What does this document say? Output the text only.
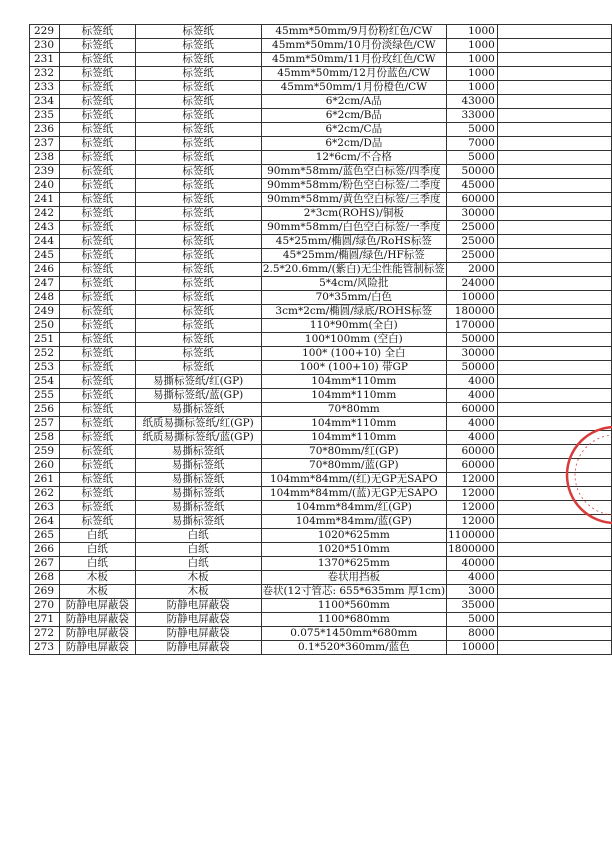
229	标签纸	标签纸	45mm*50mm/9月份粉红色/CW	1000	
230	标签纸	标签纸	45mm*50mm/10月份淡绿色/CW	1000	
231	标签纸	标签纸	45mm*50mm/11月份玫红色/CW	1000	
232	标签纸	标签纸	45mm*50mm/12月份蓝色/CW	1000	
233	标签纸	标签纸	45mm*50mm/1月份橙色/CW	1000	
234	标签纸	标签纸	6*2cm/A品	43000	
235	标签纸	标签纸	6*2cm/B品	33000	
236	标签纸	标签纸	6*2cm/C品	5000	
237	标签纸	标签纸	6*2cm/D品	7000	
238	标签纸	标签纸	12*6cm/不合格	5000	
239	标签纸	标签纸	90mm*58mm/蓝色空白标签/四季度	50000	
240	标签纸	标签纸	90mm*58mm/粉色空白标签/二季度	45000	
241	标签纸	标签纸	90mm*58mm/黄色空白标签/三季度	60000	
242	标签纸	标签纸	2*3cm(ROHS)/铜板	30000	
243	标签纸	标签纸	90mm*58mm/白色空白标签/一季度	25000	
244	标签纸	标签纸	45*25mm/椭圆/绿色/RoHS标签	25000	
245	标签纸	标签纸	45*25mm/椭圆/绿色/HF标签	25000	
246	标签纸	标签纸	2.5*20.6mm/(紫白)无尘性能管制标签	2000	
247	标签纸	标签纸	5*4cm/风险批	24000	
248	标签纸	标签纸	70*35mm/白色	10000	
249	标签纸	标签纸	3cm*2cm/椭圆/绿底/ROHS标签	180000	
250	标签纸	标签纸	110*90mm(全白)	170000	
251	标签纸	标签纸	100*100mm (空白)	50000	
252	标签纸	标签纸	100* (100+10) 全白	30000	
253	标签纸	标签纸	100* (100+10) 带GP	50000	
254	标签纸	易撕标签纸/红(GP)	104mm*110mm	4000	
255	标签纸	易撕标签纸/蓝(GP)	104mm*110mm	4000	
256	标签纸	易撕标签纸	70*80mm	60000	
257	标签纸	纸质易撕标签纸/红(GP)	104mm*110mm	4000	
258	标签纸	纸质易撕标签纸/蓝(GP)	104mm*110mm	4000	
259	标签纸	易撕标签纸	70*80mm/红(GP)	60000	
260	标签纸	易撕标签纸	70*80mm/蓝(GP)	60000	
261	标签纸	易撕标签纸	104mm*84mm/(红)无GP无SAPO	12000	
262	标签纸	易撕标签纸	104mm*84mm/(蓝)无GP无SAPO	12000	
263	标签纸	易撕标签纸	104mm*84mm/红(GP)	12000	
264	标签纸	易撕标签纸	104mm*84mm/蓝(GP)	12000	
265	白纸	白纸	1020*625mm	1100000	
266	白纸	白纸	1020*510mm	1800000	
267	白纸	白纸	1370*625mm	40000	
268	木板	木板	卷状用挡板	4000	
269	木板	木板	卷状(12寸管芯: 655*635mm 厚1cm)	3000	
270	防静电屏蔽袋	防静电屏蔽袋	1100*560mm	35000	
271	防静电屏蔽袋	防静电屏蔽袋	1100*680mm	5000	
272	防静电屏蔽袋	防静电屏蔽袋	0.075*1450mm*680mm	8000	
273	防静电屏蔽袋	防静电屏蔽袋	0.1*520*360mm/蓝色	10000	
